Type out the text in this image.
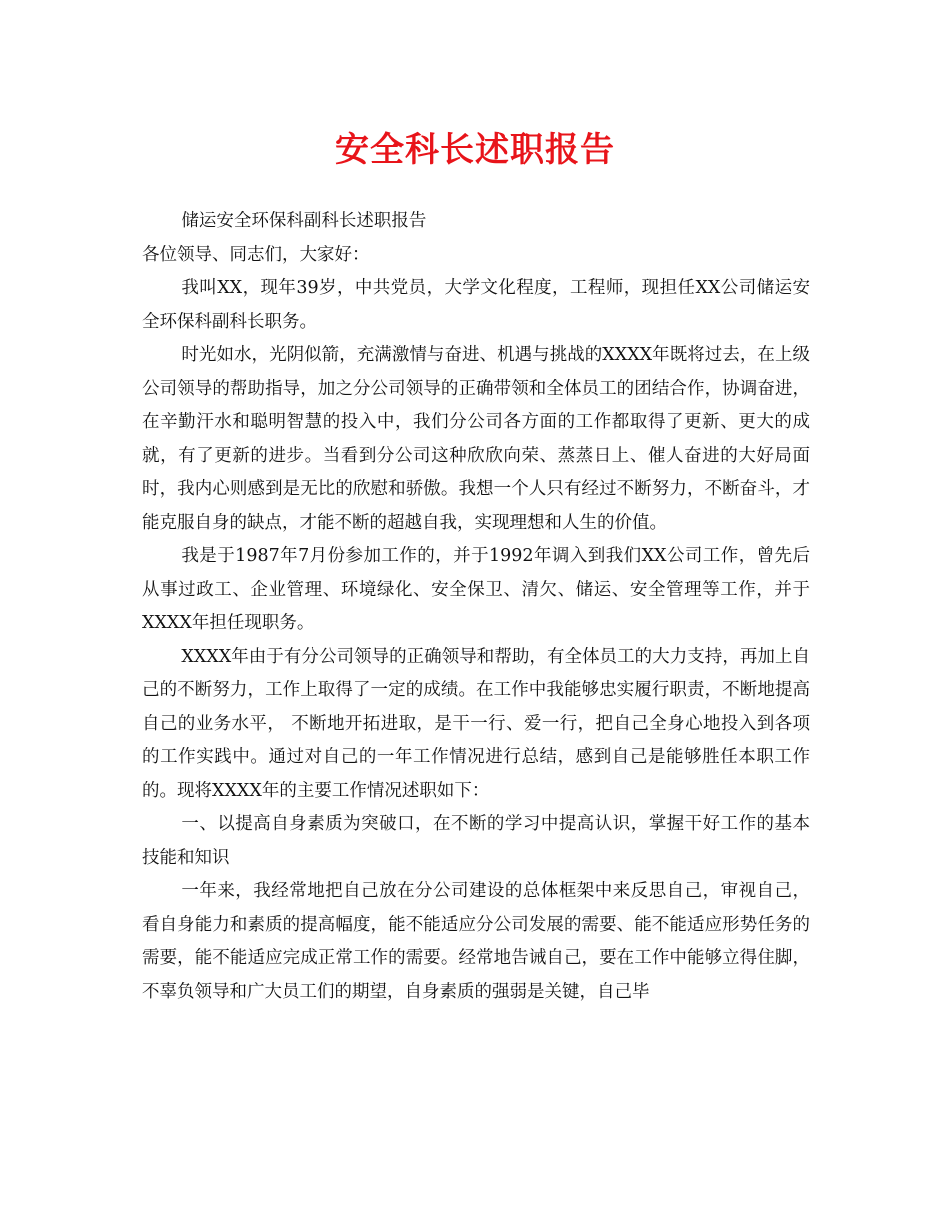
安全科长述职报告

储运安全环保科副科长述职报告

各位领导、同志们，大家好：

我叫XX，现年39岁，中共党员，大学文化程度，工程师，现担任XX公司储运安全环保科副科长职务。

时光如水，光阴似箭，充满激情与奋进、机遇与挑战的XXXX年既将过去，在上级公司领导的帮助指导，加之分公司领导的正确带领和全体员工的团结合作，协调奋进，在辛勤汗水和聪明智慧的投入中，我们分公司各方面的工作都取得了更新、更大的成就，有了更新的进步。当看到分公司这种欣欣向荣、蒸蒸日上、催人奋进的大好局面时，我内心则感到是无比的欣慰和骄傲。我想一个人只有经过不断努力，不断奋斗，才能克服自身的缺点，才能不断的超越自我，实现理想和人生的价值。

我是于1987年7月份参加工作的，并于1992年调入到我们XX公司工作，曾先后从事过政工、企业管理、环境绿化、安全保卫、清欠、储运、安全管理等工作，并于XXXX年担任现职务。

XXXX年由于有分公司领导的正确领导和帮助，有全体员工的大力支持，再加上自己的不断努力，工作上取得了一定的成绩。在工作中我能够忠实履行职责，不断地提高自己的业务水平， 不断地开拓进取，是干一行、爱一行，把自己全身心地投入到各项的工作实践中。通过对自己的一年工作情况进行总结，感到自己是能够胜任本职工作的。现将XXXX年的主要工作情况述职如下：

一、以提高自身素质为突破口，在不断的学习中提高认识，掌握干好工作的基本技能和知识

一年来，我经常地把自己放在分公司建设的总体框架中来反思自己，审视自己，看自身能力和素质的提高幅度，能不能适应分公司发展的需要、能不能适应形势任务的需要，能不能适应完成正常工作的需要。经常地告诫自己，要在工作中能够立得住脚，不辜负领导和广大员工们的期望，自身素质的强弱是关键，自己毕
